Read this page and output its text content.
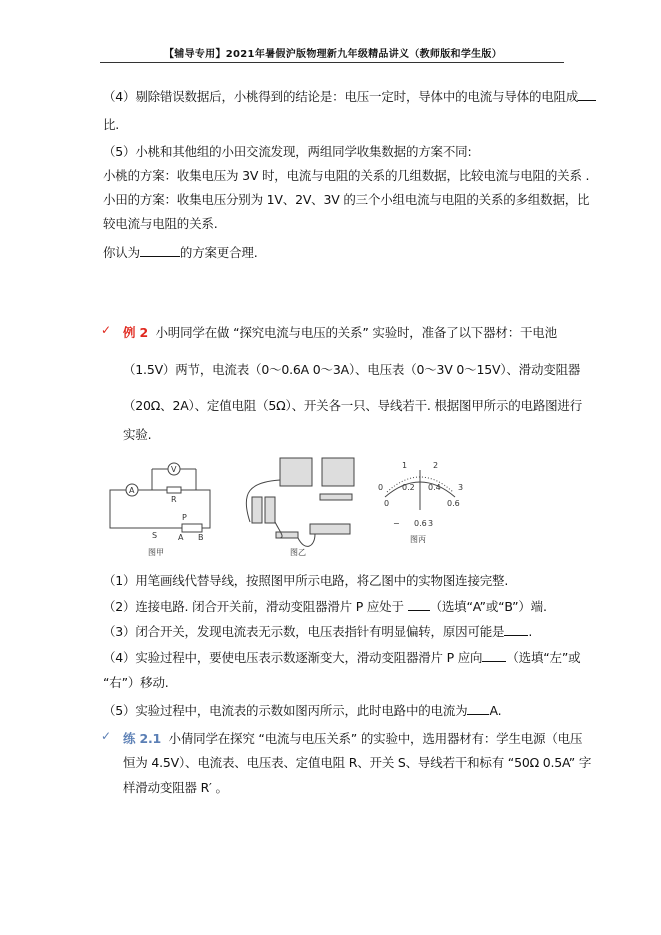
【辅导专用】2021年暑假沪版物理新九年级精品讲义（教师版和学生版）
（4）剔除错误数据后，小桃得到的结论是：电压一定时，导体中的电流与导体的电阻成
比.
（5）小桃和其他组的小田交流发现，两组同学收集数据的方案不同:
小桃的方案：收集电压为 3V 时，电流与电阻的关系的几组数据，比较电流与电阻的关系 .
小田的方案：收集电压分别为 1V、2V、3V 的三个小组电流与电阻的关系的多组数据，比
较电流与电阻的关系.
你认为	的方案更合理.
✓ 例 2 小明同学在做 “探究电流与电压的关系” 实验时，准备了以下器材：干电池
（1.5V）两节，电流表（0～0.6A 0～3A）、电压表（0～3V 0～15V）、滑动变阻器
（20Ω、2A）、定值电阻（5Ω）、开关各一只、导线若干. 根据图甲所示的电路图进行
实验.
A
V
R
S
P
A B
图甲	图乙
0
1	2
3
0
0.2 0.4
0.6
− 0.6 3
图丙
（1）用笔画线代替导线，按照图甲所示电路，将乙图中的实物图连接完整.
（2）连接电路. 闭合开关前，滑动变阻器滑片 P 应处于 （选填“A”或“B”）端.
（3）闭合开关，发现电流表无示数，电压表指针有明显偏转，原因可能是 .
（4）实验过程中，要使电压表示数逐渐变大，滑动变阻器滑片 P 应向 （选填“左”或
“右”）移动.
（5）实验过程中，电流表的示数如图丙所示，此时电路中的电流为 A.
✓ 练 2.1 小倩同学在探究 “电流与电压关系” 的实验中，选用器材有：学生电源（电压
恒为 4.5V）、电流表、电压表、定值电阻 R、开关 S、导线若干和标有 “50Ω 0.5A” 字
样滑动变阻器 R′ 。
